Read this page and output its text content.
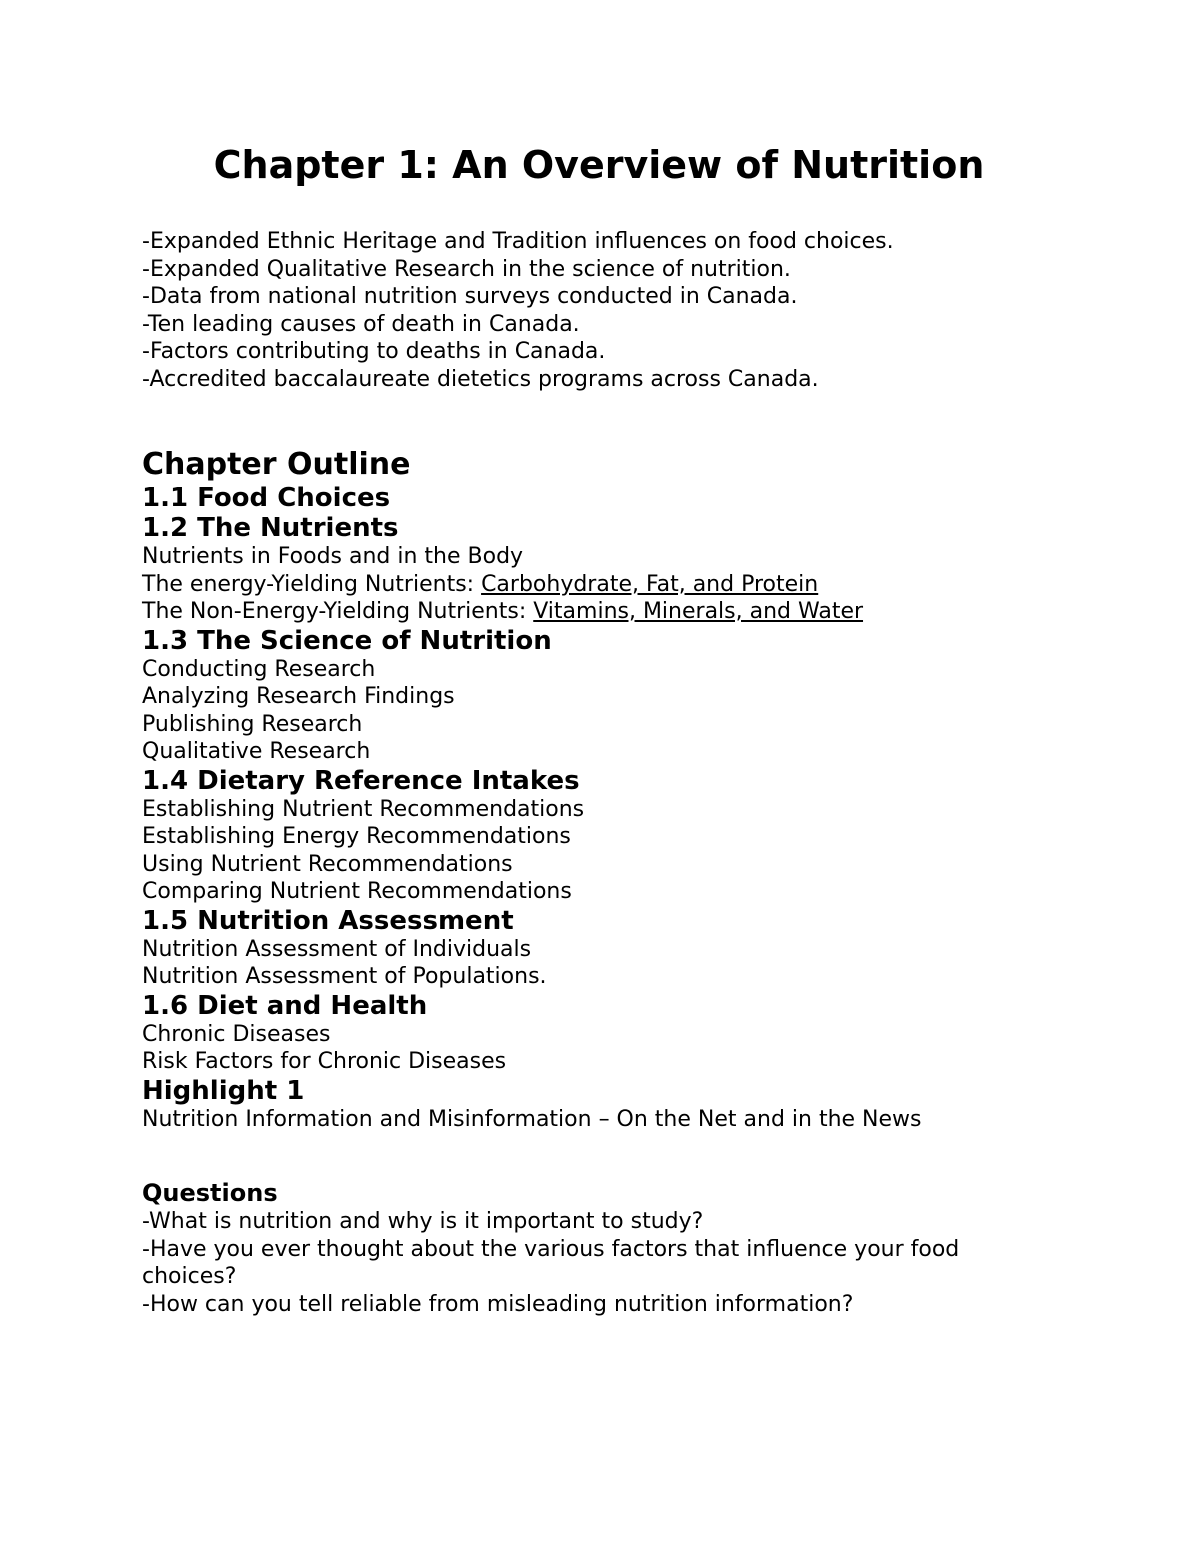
Chapter 1: An Overview of Nutrition
-Expanded Ethnic Heritage and Tradition influences on food choices.
-Expanded Qualitative Research in the science of nutrition.
-Data from national nutrition surveys conducted in Canada.
-Ten leading causes of death in Canada.
-Factors contributing to deaths in Canada.
-Accredited baccalaureate dietetics programs across Canada.
Chapter Outline
1.1 Food Choices
1.2 The Nutrients
Nutrients in Foods and in the Body
The energy-Yielding Nutrients: Carbohydrate, Fat, and Protein
The Non-Energy-Yielding Nutrients: Vitamins, Minerals, and Water
1.3 The Science of Nutrition
Conducting Research
Analyzing Research Findings
Publishing Research
Qualitative Research
1.4 Dietary Reference Intakes
Establishing Nutrient Recommendations
Establishing Energy Recommendations
Using Nutrient Recommendations
Comparing Nutrient Recommendations
1.5 Nutrition Assessment
Nutrition Assessment of Individuals
Nutrition Assessment of Populations.
1.6 Diet and Health
Chronic Diseases
Risk Factors for Chronic Diseases
Highlight 1
Nutrition Information and Misinformation – On the Net and in the News
Questions
-What is nutrition and why is it important to study?
-Have you ever thought about the various factors that influence your food choices?
-How can you tell reliable from misleading nutrition information?
